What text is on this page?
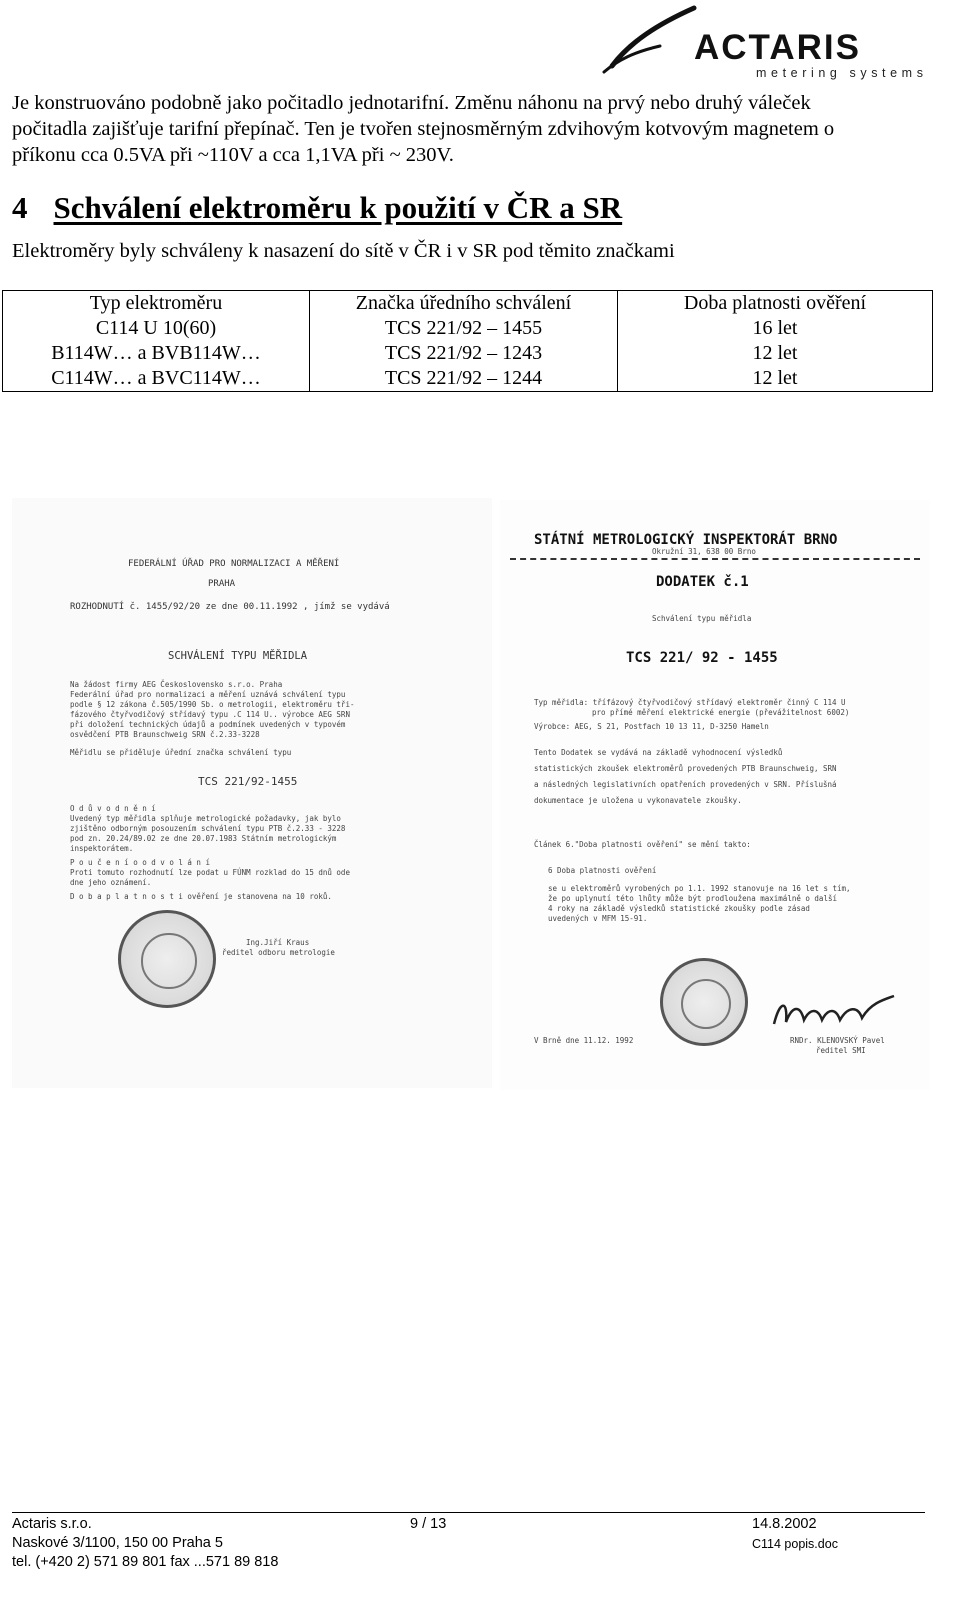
ACTARIS
metering systems

Je konstruováno podobně jako počitadlo jednotarifní. Změnu náhonu na prvý nebo druhý váleček
počitadla zajišťuje tarifní přepínač. Ten je tvořen stejnosměrným zdvihovým kotvovým magnetem o
příkonu cca 0.5VA při ~110V a cca 1,1VA při ~ 230V.

4 Schválení elektroměru k použití v ČR a SR

Elektroměry byly schváleny k nasazení do sítě v ČR i v SR pod těmito značkami

Typ elektroměru	Značka úředního schválení	Doba platnosti ověření
C114 U 10(60)	TCS 221/92 – 1455	16 let
B114W… a BVB114W…	TCS 221/92 – 1243	12 let
C114W… a BVC114W…	TCS 221/92 – 1244	12 let
FEDERÁLNÍ ÚŘAD PRO NORMALIZACI A MĚŘENÍ
PRAHA
ROZHODNUTÍ č. 1455/92/20 ze dne 00.11.1992 , jímž se vydává
SCHVÁLENÍ TYPU MĚŘIDLA
Na žádost firmy AEG Československo s.r.o. Praha
Federální úřad pro normalizaci a měření uznává schválení typu
podle § 12 zákona č.505/1990 Sb. o metrologii, elektroměru tři-
fázového čtyřvodičový střídavý typu .C 114 U.. výrobce AEG SRN
při doložení technických údajů a podmínek uvedených v typovém
osvědčení PTB Braunschweig SRN č.2.33-3228
Měřidlu se přiděluje úřední značka schválení typu
TCS 221/92-1455
O d ů v o d n ě n í
Uvedený typ měřidla splňuje metrologické požadavky, jak bylo
zjištěno odborným posouzením schválení typu PTB č.2.33 - 3228
pod zn. 20.24/89.02 ze dne 20.07.1983 Státním metrologickým
inspektorátem.
P o u č e n í o o d v o l á n í
Proti tomuto rozhodnutí lze podat u FÚNM rozklad do 15 dnů ode
dne jeho oznámení.
D o b a p l a t n o s t i ověření je stanovena na 10 roků.
Ing.Jiří Kraus
ředitel odboru metrologie
STÁTNÍ METROLOGICKÝ INSPEKTORÁT BRNO
Okružní 31, 638 00 Brno
DODATEK č.1
Schválení typu měřidla
TCS 221/ 92 - 1455
Typ měřidla: třífázový čtyřvodičový střídavý elektroměr činný C 114 U
pro přímé měření elektrické energie (převážitelnost 6002)
Výrobce: AEG, S 21, Postfach 10 13 11, D-3250 Hameln
Tento Dodatek se vydává na základě vyhodnocení výsledků
statistických zkoušek elektroměrů provedených PTB Braunschweig, SRN
a následných legislativních opatřeních provedených v SRN. Příslušná
dokumentace je uložena u vykonavatele zkoušky.
Článek 6."Doba platnosti ověření" se mění takto:
6 Doba platnosti ověření
se u elektroměrů vyrobených po 1.1. 1992 stanovuje na 16 let s tím,
že po uplynutí této lhůty může být prodloužena maximálně o další
4 roky na základě výsledků statistické zkoušky podle zásad
uvedených v MFM 15-91.
V Brně dne 11.12. 1992	RNDr. KLENOVSKÝ Pavel
ředitel SMI
Actaris s.r.o.	9 / 13	14.8.2002
Naskové 3/1100, 150 00 Praha 5	C114 popis.doc
tel. (+420 2) 571 89 801 fax ...571 89 818
